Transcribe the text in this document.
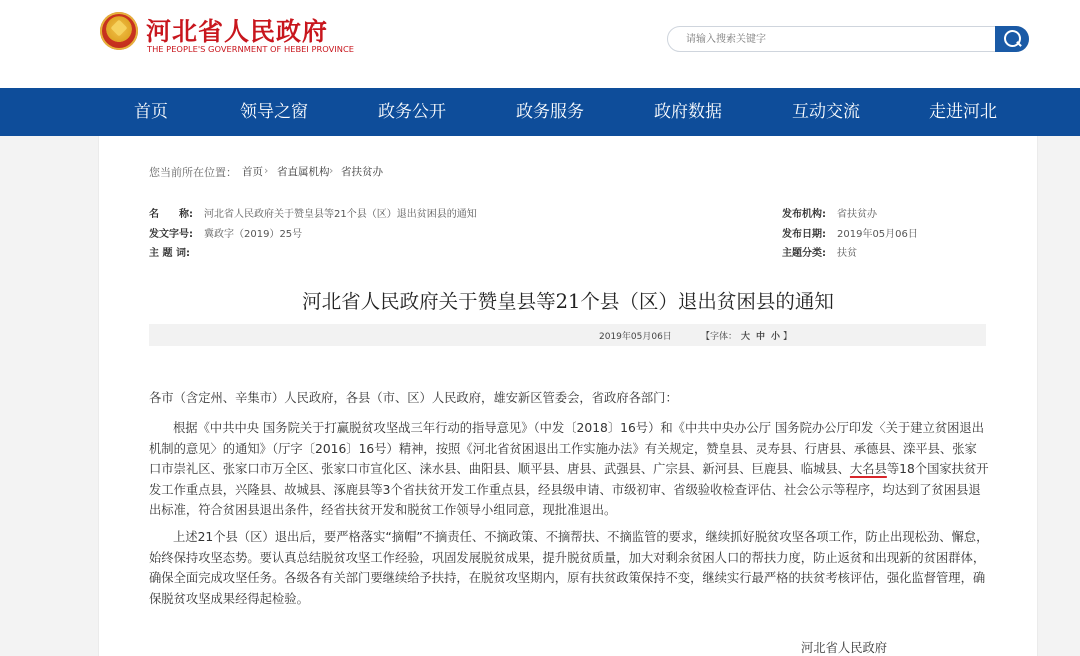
河北省人民政府
THE PEOPLE'S GOVERNMENT OF HEBEI PROVINCE
请输入搜索关键字
首页	领导之窗	政务公开	政务服务	政府数据	互动交流	走进河北
您当前所在位置： 首页 › 省直属机构 › 省扶贫办
名　　称: 河北省人民政府关于赞皇县等21个县（区）退出贫困县的通知
发文字号: 冀政字（2019）25号
主 题 词:
发布机构: 省扶贫办
发布日期: 2019年05月06日
主题分类: 扶贫
河北省人民政府关于赞皇县等21个县（区）退出贫困县的通知
2019年05月06日	【字体： 大 中 小 】

各市（含定州、辛集市）人民政府，各县（市、区）人民政府，雄安新区管委会，省政府各部门：

根据《中共中央 国务院关于打赢脱贫攻坚战三年行动的指导意见》（中发〔2018〕16号）和《中共中央办公厅 国务院办公厅印发〈关于建立贫困退出机制的意见〉的通知》（厅字〔2016〕16号）精神，按照《河北省贫困退出工作实施办法》有关规定，赞皇县、灵寿县、行唐县、承德县、滦平县、张家口市崇礼区、张家口市万全区、张家口市宣化区、涞水县、曲阳县、顺平县、唐县、武强县、广宗县、新河县、巨鹿县、临城县、大名县等18个国家扶贫开发工作重点县，兴隆县、故城县、涿鹿县等3个省扶贫开发工作重点县，经县级申请、市级初审、省级验收检查评估、社会公示等程序，均达到了贫困县退出标准，符合贫困县退出条件，经省扶贫开发和脱贫工作领导小组同意，现批准退出。

上述21个县（区）退出后，要严格落实“摘帽”不摘责任、不摘政策、不摘帮扶、不摘监管的要求，继续抓好脱贫攻坚各项工作，防止出现松劲、懈怠，始终保持攻坚态势。要认真总结脱贫攻坚工作经验，巩固发展脱贫成果，提升脱贫质量，加大对剩余贫困人口的帮扶力度，防止返贫和出现新的贫困群体，确保全面完成攻坚任务。各级各有关部门要继续给予扶持，在脱贫攻坚期内，原有扶贫政策保持不变，继续实行最严格的扶贫考核评估，强化监督管理，确保脱贫攻坚成果经得起检验。

河北省人民政府
